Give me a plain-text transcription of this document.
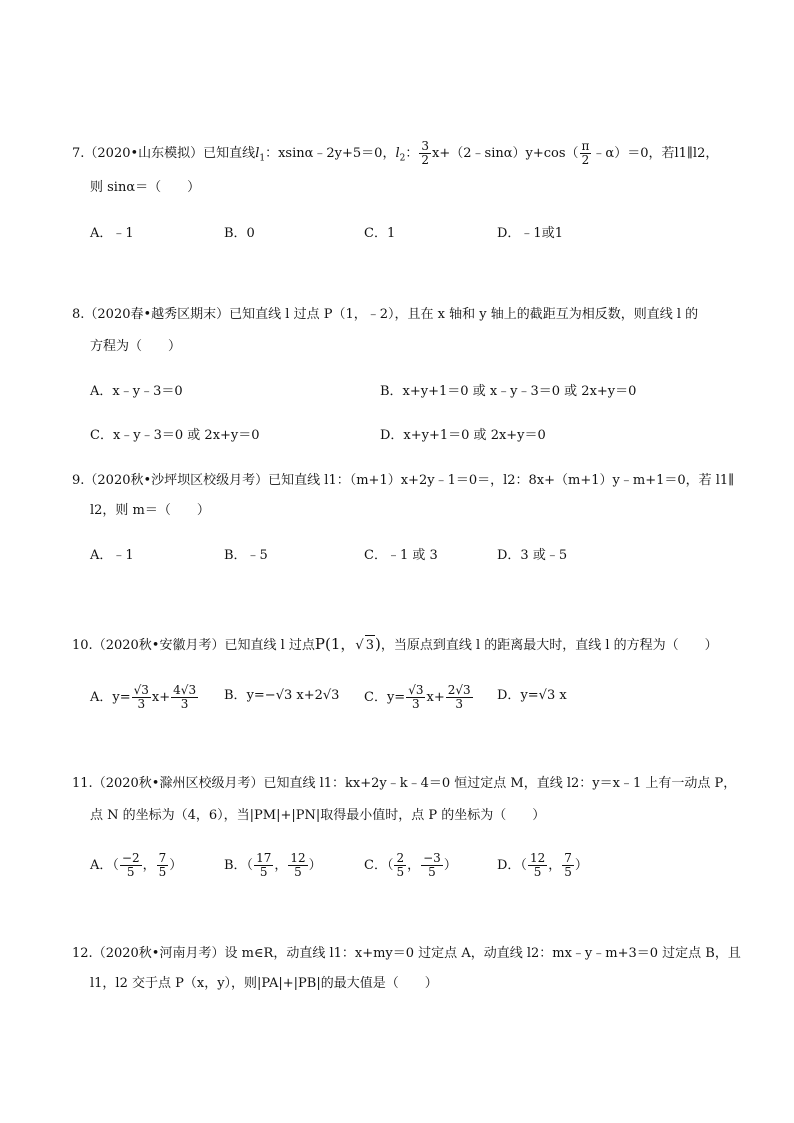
7.（2020•山东模拟）已知直线$l_1$：xsinα﹣2y+5＝0，$l_2$： $\frac{3}{2}$ x+（2﹣sinα）y+cos（ $\frac{\pi}{2}$ ﹣α）＝0，若l1∥l2，
则 sinα＝（　　）
A．﹣1	B．0	C．1	D．﹣1或1
8.（2020春•越秀区期末）已知直线 l 过点 P（1，﹣2），且在 x 轴和 y 轴上的截距互为相反数，则直线 l 的
方程为（　　）
A．x﹣y﹣3＝0	B．x+y+1＝0 或 x﹣y﹣3＝0 或 2x+y＝0
C．x﹣y﹣3＝0 或 2x+y＝0	D．x+y+1＝0 或 2x+y＝0
9.（2020秋•沙坪坝区校级月考）已知直线 l1：（m+1）x+2y﹣1＝0＝，l2：8x+（m+1）y﹣m+1＝0，若 l1∥
l2，则 m＝（　　）
A．﹣1	B．﹣5	C．﹣1 或 3	D．3 或﹣5
10.（2020秋•安徽月考）已知直线 l 过点P(1，√ 3)，当原点到直线 l 的距离最大时，直线 l 的方程为（　　）
A．$y= \frac{√3}{3} x+ \frac{4√3}{3}$ B．y=−√3 x+2√3 C．$y= \frac{√3}{3} x+ \frac{2√3}{3}$ D．y=√3 x
11.（2020秋•滁州区校级月考）已知直线 l1：kx+2y﹣k﹣4＝0 恒过定点 M，直线 l2：y＝x﹣1 上有一动点 P，
点 N 的坐标为（4，6），当|PM|+|PN|取得最小值时，点 P 的坐标为（　　）
A．（ $\frac{-2}{5}$ ， $\frac{7}{5}$ ）	B．（ $\frac{17}{5}$ ， $\frac{12}{5}$ ）	C．（ $\frac{2}{5}$ ， $\frac{-3}{5}$ ）	D．（ $\frac{12}{5}$ ， $\frac{7}{5}$ ）
12.（2020秋•河南月考）设 m∈R，动直线 l1：x+my＝0 过定点 A，动直线 l2：mx﹣y﹣m+3＝0 过定点 B，且
l1，l2 交于点 P（x，y），则|PA|+|PB|的最大值是（　　）
